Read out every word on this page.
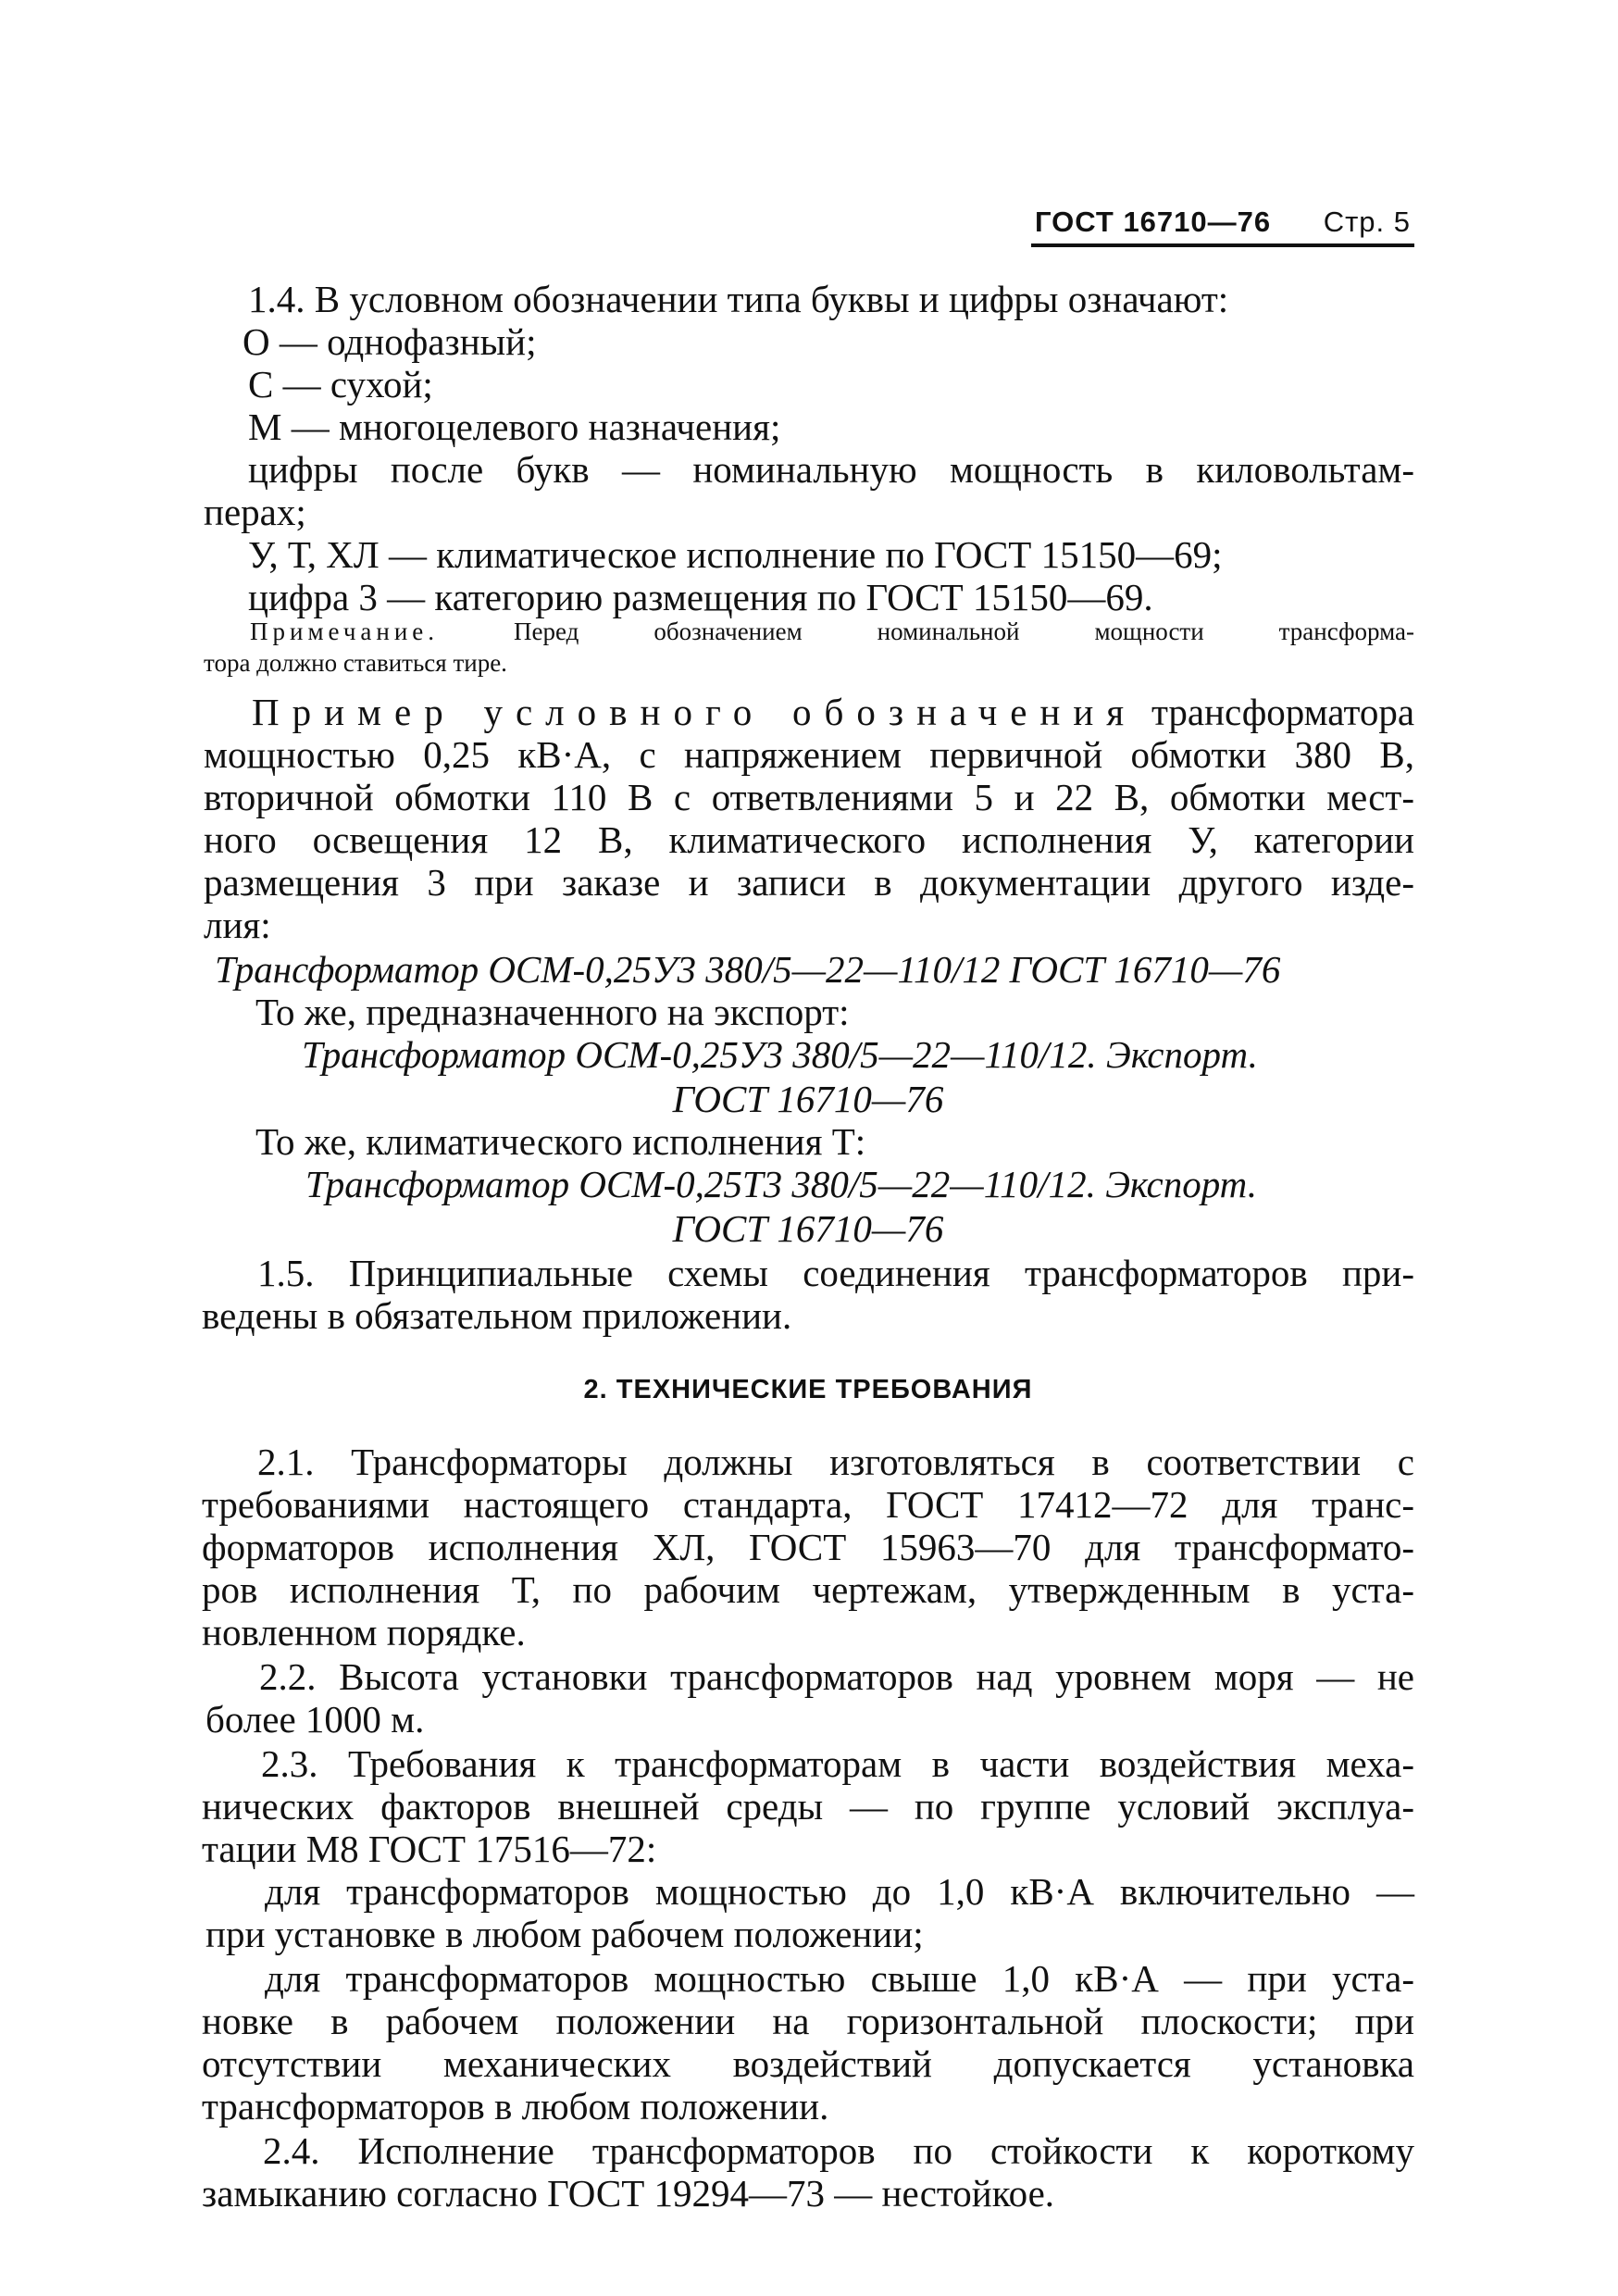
ГОСТ 16710—76 Стр. 5
1.4. В условном обозначении типа буквы и цифры означают:
О — однофазный;
С — сухой;
М — многоцелевого назначения;
цифры после букв — номинальную мощность в киловольтам-
перах;
У, Т, ХЛ — климатическое исполнение по ГОСТ 15150—69;
цифра 3 — категорию размещения по ГОСТ 15150—69.
Примечание.	Перед обозначением номинальной мощности трансформа-
тора должно ставиться тире.
Пример условного обозначения трансформатора
мощностью 0,25 кВ·А, с напряжением первичной обмотки 380 В,
вторичной обмотки 110 В с ответвлениями 5 и 22 В, обмотки мест-
ного освещения 12 В, климатического исполнения У, категории
размещения 3 при заказе и записи в документации другого изде-
лия:
Трансформатор ОСМ-0,25У3 380/5—22—110/12 ГОСТ 16710—76
То же, предназначенного на экспорт:
Трансформатор ОСМ-0,25У3 380/5—22—110/12. Экспорт.
ГОСТ 16710—76
То же, климатического исполнения Т:
Трансформатор ОСМ-0,25Т3 380/5—22—110/12. Экспорт.
ГОСТ 16710—76
1.5. Принципиальные схемы соединения трансформаторов при-
ведены в обязательном приложении.
2. ТЕХНИЧЕСКИЕ ТРЕБОВАНИЯ
2.1. Трансформаторы должны изготовляться в соответствии с
требованиями настоящего стандарта, ГОСТ 17412—72 для транс-
форматоров исполнения ХЛ, ГОСТ 15963—70 для трансформато-
ров исполнения Т, по рабочим чертежам, утвержденным в уста-
новленном порядке.
2.2. Высота установки трансформаторов над уровнем моря — не
более 1000 м.
2.3. Требования к трансформаторам в части воздействия меха-
нических факторов внешней среды — по группе условий эксплуа-
тации М8 ГОСТ 17516—72:
для трансформаторов мощностью до 1,0 кВ·А включительно —
при установке в любом рабочем положении;
для трансформаторов мощностью свыше 1,0 кВ·А — при уста-
новке в рабочем положении на горизонтальной плоскости; при
отсутствии механических воздействий допускается установка
трансформаторов в любом положении.
2.4. Исполнение трансформаторов по стойкости к короткому
замыканию согласно ГОСТ 19294—73 — нестойкое.
